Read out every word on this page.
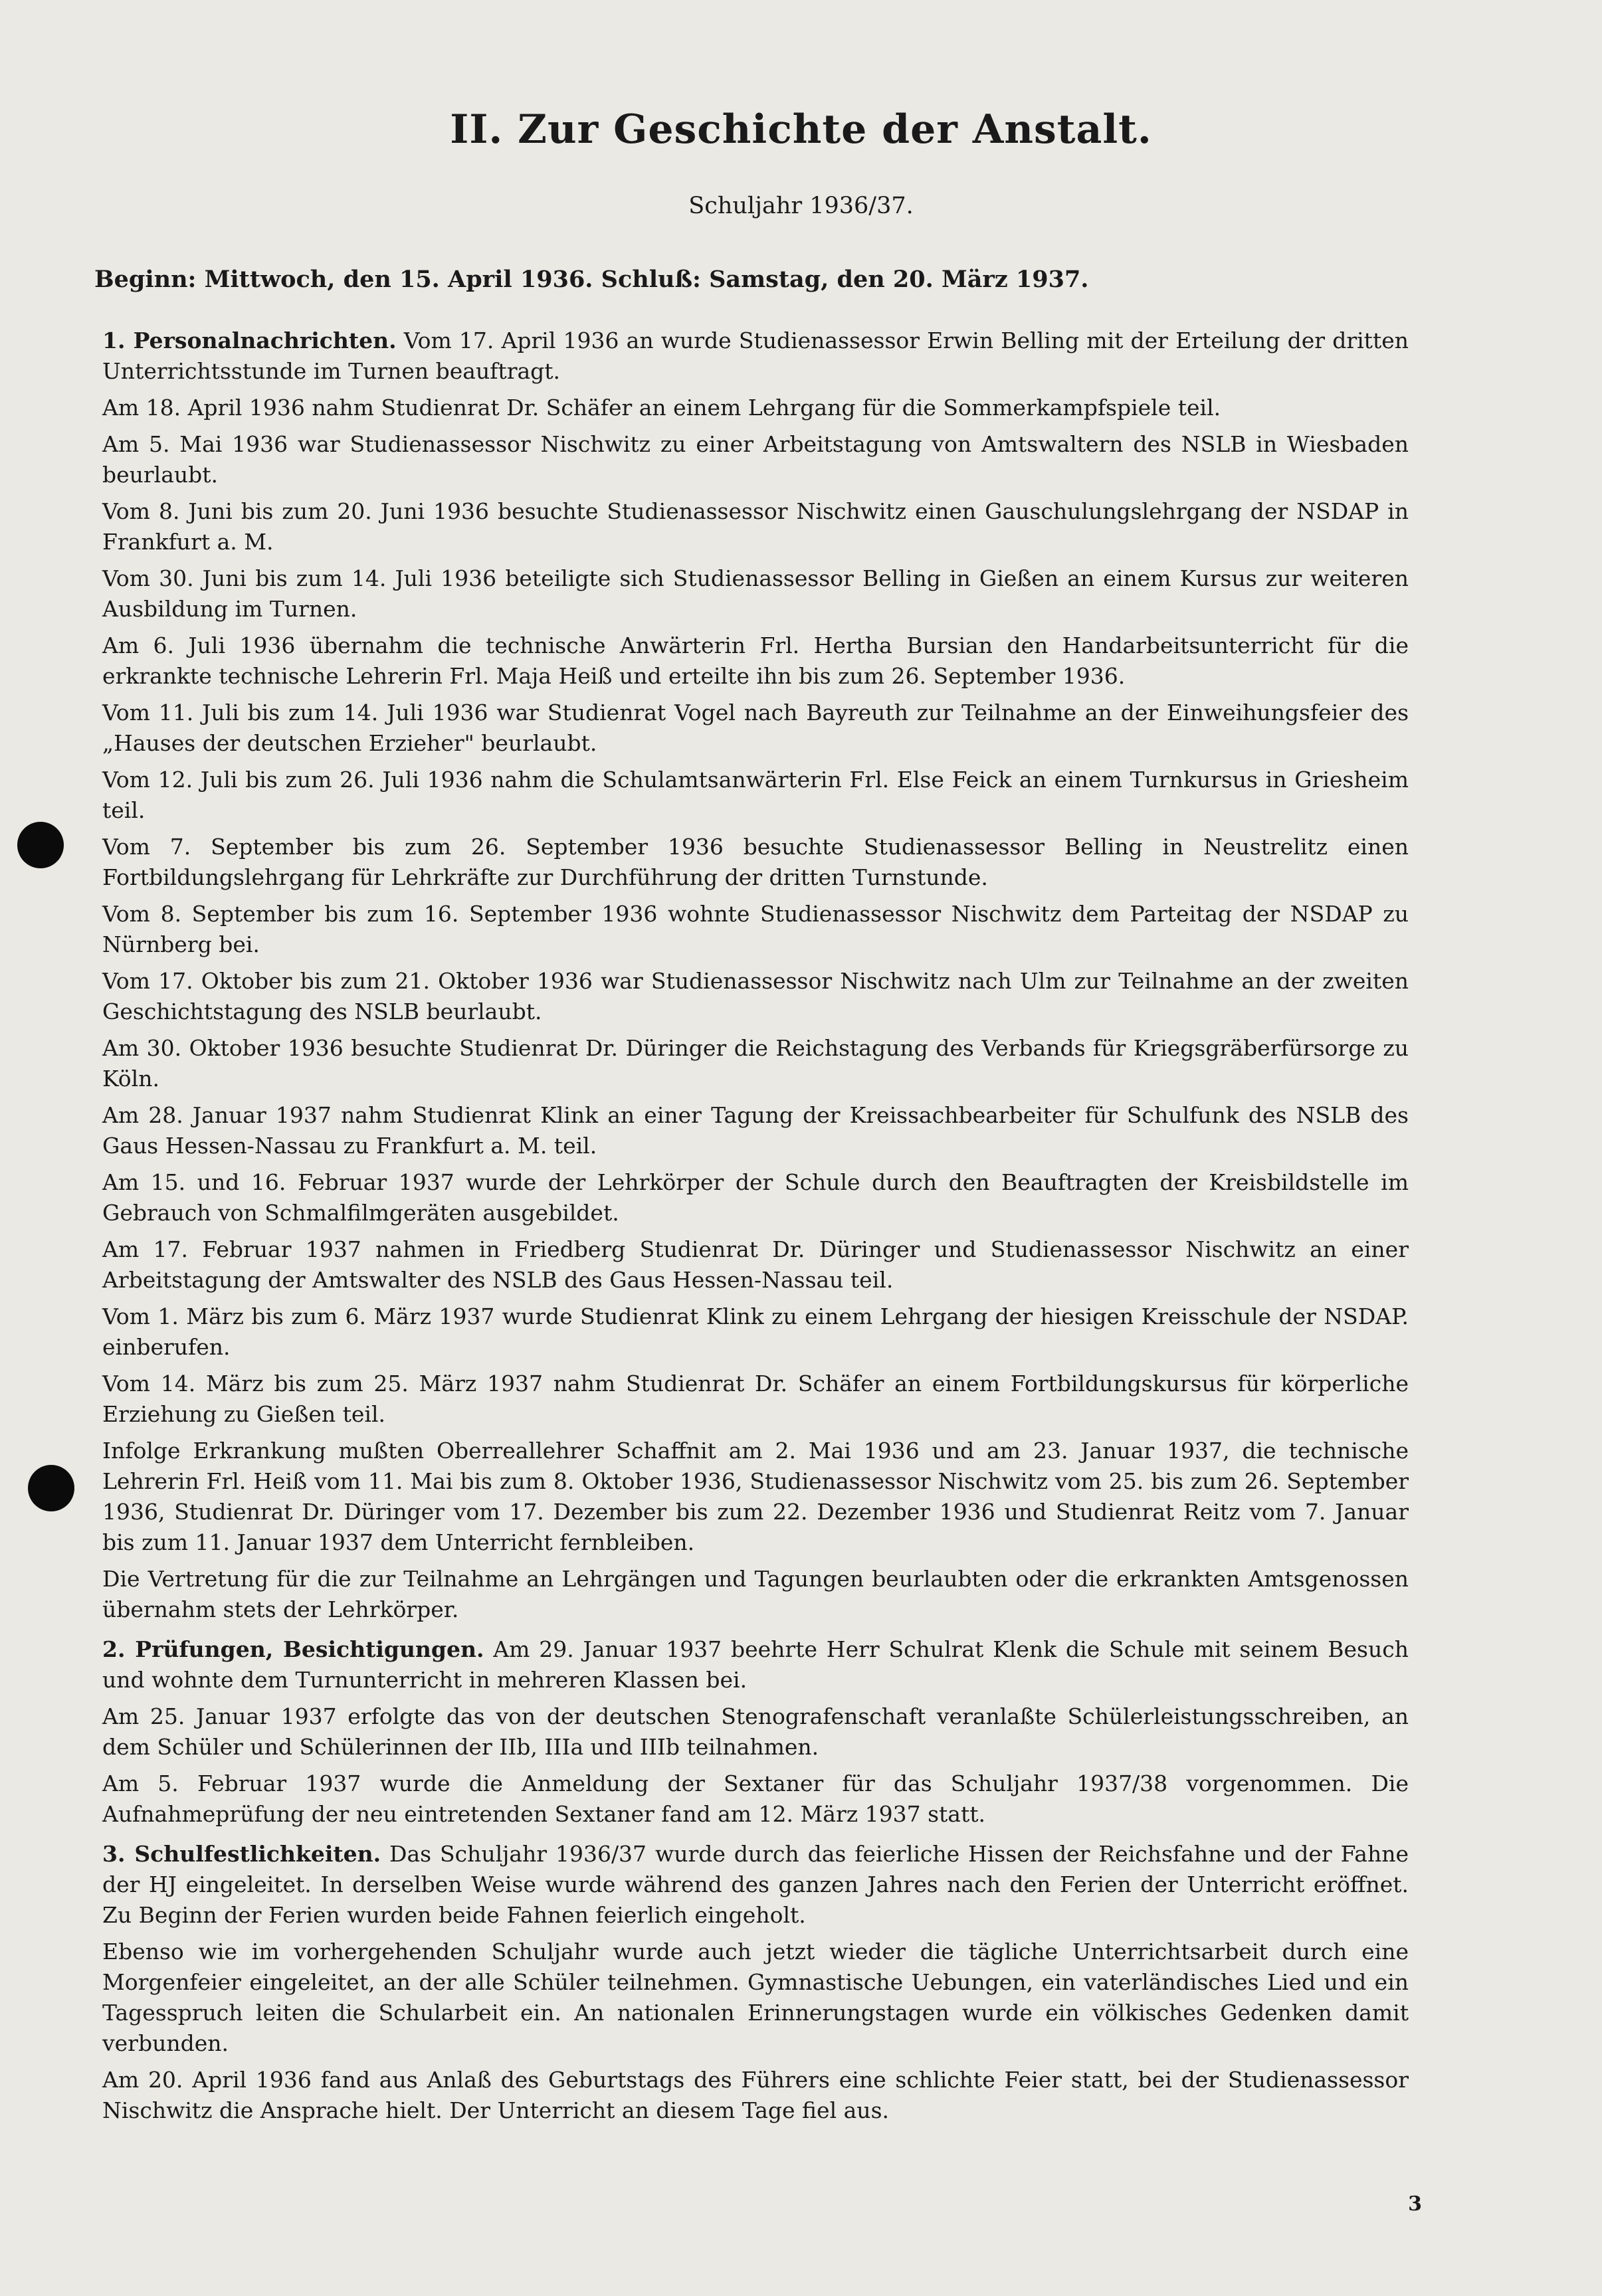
II. Zur Geschichte der Anstalt.
Schuljahr 1936/37.
Beginn: Mittwoch, den 15. April 1936. Schluß: Samstag, den 20. März 1937.

1. Personalnachrichten. Vom 17. April 1936 an wurde Studienassessor Erwin Belling mit der Erteilung der dritten Unterrichtsstunde im Turnen beauftragt.

Am 18. April 1936 nahm Studienrat Dr. Schäfer an einem Lehrgang für die Sommerkampfspiele teil.

Am 5. Mai 1936 war Studienassessor Nischwitz zu einer Arbeitstagung von Amtswaltern des NSLB in Wiesbaden beurlaubt.

Vom 8. Juni bis zum 20. Juni 1936 besuchte Studienassessor Nischwitz einen Gauschulungslehrgang der NSDAP in Frankfurt a. M.

Vom 30. Juni bis zum 14. Juli 1936 beteiligte sich Studienassessor Belling in Gießen an einem Kursus zur weiteren Ausbildung im Turnen.

Am 6. Juli 1936 übernahm die technische Anwärterin Frl. Hertha Bursian den Handarbeitsunterricht für die erkrankte technische Lehrerin Frl. Maja Heiß und erteilte ihn bis zum 26. September 1936.

Vom 11. Juli bis zum 14. Juli 1936 war Studienrat Vogel nach Bayreuth zur Teilnahme an der Einweihungsfeier des „Hauses der deutschen Erzieher" beurlaubt.

Vom 12. Juli bis zum 26. Juli 1936 nahm die Schulamtsanwärterin Frl. Else Feick an einem Turnkursus in Griesheim teil.

Vom 7. September bis zum 26. September 1936 besuchte Studienassessor Belling in Neustrelitz einen Fortbildungslehrgang für Lehrkräfte zur Durchführung der dritten Turnstunde.

Vom 8. September bis zum 16. September 1936 wohnte Studienassessor Nischwitz dem Parteitag der NSDAP zu Nürnberg bei.

Vom 17. Oktober bis zum 21. Oktober 1936 war Studienassessor Nischwitz nach Ulm zur Teilnahme an der zweiten Geschichtstagung des NSLB beurlaubt.

Am 30. Oktober 1936 besuchte Studienrat Dr. Düringer die Reichstagung des Verbands für Kriegsgräberfürsorge zu Köln.

Am 28. Januar 1937 nahm Studienrat Klink an einer Tagung der Kreissachbearbeiter für Schulfunk des NSLB des Gaus Hessen-Nassau zu Frankfurt a. M. teil.

Am 15. und 16. Februar 1937 wurde der Lehrkörper der Schule durch den Beauftragten der Kreisbildstelle im Gebrauch von Schmalfilmgeräten ausgebildet.

Am 17. Februar 1937 nahmen in Friedberg Studienrat Dr. Düringer und Studienassessor Nischwitz an einer Arbeitstagung der Amtswalter des NSLB des Gaus Hessen-Nassau teil.

Vom 1. März bis zum 6. März 1937 wurde Studienrat Klink zu einem Lehrgang der hiesigen Kreisschule der NSDAP. einberufen.

Vom 14. März bis zum 25. März 1937 nahm Studienrat Dr. Schäfer an einem Fortbildungskursus für körperliche Erziehung zu Gießen teil.

Infolge Erkrankung mußten Oberreallehrer Schaffnit am 2. Mai 1936 und am 23. Januar 1937, die technische Lehrerin Frl. Heiß vom 11. Mai bis zum 8. Oktober 1936, Studienassessor Nischwitz vom 25. bis zum 26. September 1936, Studienrat Dr. Düringer vom 17. Dezember bis zum 22. Dezember 1936 und Studienrat Reitz vom 7. Januar bis zum 11. Januar 1937 dem Unterricht fernbleiben.

Die Vertretung für die zur Teilnahme an Lehrgängen und Tagungen beurlaubten oder die erkrankten Amtsgenossen übernahm stets der Lehrkörper.

2. Prüfungen, Besichtigungen. Am 29. Januar 1937 beehrte Herr Schulrat Klenk die Schule mit seinem Besuch und wohnte dem Turnunterricht in mehreren Klassen bei.

Am 25. Januar 1937 erfolgte das von der deutschen Stenografenschaft veranlaßte Schülerleistungsschreiben, an dem Schüler und Schülerinnen der IIb, IIIa und IIIb teilnahmen.

Am 5. Februar 1937 wurde die Anmeldung der Sextaner für das Schuljahr 1937/38 vorgenommen. Die Aufnahmeprüfung der neu eintretenden Sextaner fand am 12. März 1937 statt.

3. Schulfestlichkeiten. Das Schuljahr 1936/37 wurde durch das feierliche Hissen der Reichsfahne und der Fahne der HJ eingeleitet. In derselben Weise wurde während des ganzen Jahres nach den Ferien der Unterricht eröffnet. Zu Beginn der Ferien wurden beide Fahnen feierlich eingeholt.

Ebenso wie im vorhergehenden Schuljahr wurde auch jetzt wieder die tägliche Unterrichtsarbeit durch eine Morgenfeier eingeleitet, an der alle Schüler teilnehmen. Gymnastische Uebungen, ein vaterländisches Lied und ein Tagesspruch leiten die Schularbeit ein. An nationalen Erinnerungstagen wurde ein völkisches Gedenken damit verbunden.

Am 20. April 1936 fand aus Anlaß des Geburtstags des Führers eine schlichte Feier statt, bei der Studienassessor Nischwitz die Ansprache hielt. Der Unterricht an diesem Tage fiel aus.

3
